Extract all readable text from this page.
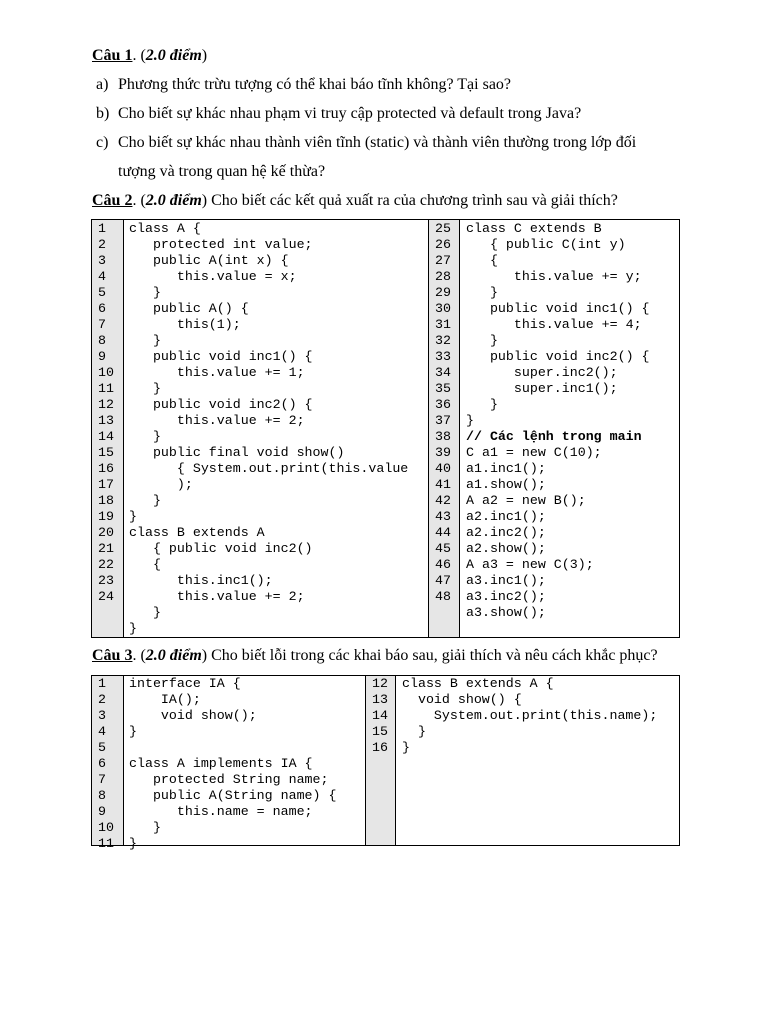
Câu 1. (2.0 điểm)
a) Phương thức trừu tượng có thể khai báo tĩnh không? Tại sao?
b) Cho biết sự khác nhau phạm vi truy cập protected và default trong Java?
c) Cho biết sự khác nhau thành viên tĩnh (static) và thành viên thường trong lớp đối
tượng và trong quan hệ kế thừa?
Câu 2. (2.0 điểm) Cho biết các kết quả xuất ra của chương trình sau và giải thích?
1
2
3
4
5
6
7
8
9
10
11
12
13
14
15
16
17
18
19
20
21
22
23
24
class A {
protected int value;
public A(int x) {
this.value = x;
}
public A() {
this(1);
}
public void inc1() {
this.value += 1;
}
public void inc2() {
this.value += 2;
}
public final void show()
{ System.out.print(this.value
);
}
}
class B extends A
{ public void inc2()
{
this.inc1();
this.value += 2;
}
}
25
26
27
28
29
30
31
32
33
34
35
36
37
38
39
40
41
42
43
44
45
46
47
48
class C extends B
{ public C(int y)
{
this.value += y;
}
public void inc1() {
this.value += 4;
}
public void inc2() {
super.inc2();
super.inc1();
}
}
// Các lệnh trong main
C a1 = new C(10);
a1.inc1();
a1.show();
A a2 = new B();
a2.inc1();
a2.inc2();
a2.show();
A a3 = new C(3);
a3.inc1();
a3.inc2();
a3.show();
Câu 3. (2.0 điểm) Cho biết lỗi trong các khai báo sau, giải thích và nêu cách khắc phục?
1
2
3
4
5
6
7
8
9
10
11
interface IA {
IA();
void show();
}

class A implements IA {
protected String name;
public A(String name) {
this.name = name;
}
}
12
13
14
15
16
class B extends A {
void show() {
System.out.print(this.name);
}
}
